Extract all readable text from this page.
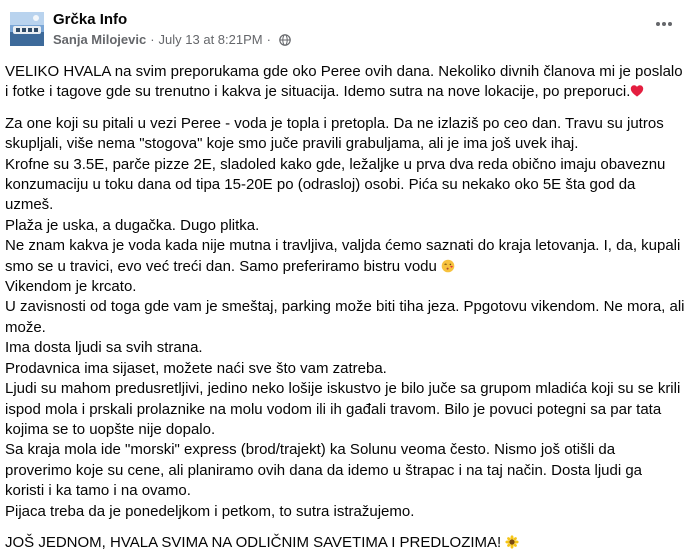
Grčka Info
Sanja Milojevic · July 13 at 8:21PM ·

VELIKO HVALA na svim preporukama gde oko Peree ovih dana. Nekoliko divnih članova mi je poslalo i fotke i tagove gde su trenutno i kakva je situacija. Idemo sutra na nove lokacije, po preporuci.

Za one koji su pitali u vezi Peree - voda je topla i pretopla. Da ne izlaziš po ceo dan. Travu su jutros skupljali, više nema "stogova" koje smo juče pravili grabuljama, ali je ima još uvek ihaj.

Krofne su 3.5E, parče pizze 2E, sladoled kako gde, ležaljke u prva dva reda obično imaju obaveznu konzumaciju u toku dana od tipa 15-20E po (odrasloj) osobi. Pića su nekako oko 5E šta god da uzmeš.

Plaža je uska, a dugačka. Dugo plitka.

Ne znam kakva je voda kada nije mutna i travljiva, valjda ćemo saznati do kraja letovanja. I, da, kupali smo se u travici, evo već treći dan. Samo preferiramo bistru vodu

Vikendom je krcato.

U zavisnosti od toga gde vam je smeštaj, parking može biti tiha jeza. Ppgotovu vikendom. Ne mora, ali može.

Ima dosta ljudi sa svih strana.

Prodavnica ima sijaset, možete naći sve što vam zatreba.

Ljudi su mahom predusretljivi, jedino neko lošije iskustvo je bilo juče sa grupom mladića koji su se krili ispod mola i prskali prolaznike na molu vodom ili ih gađali travom. Bilo je povuci potegni sa par tata kojima se to uopšte nije dopalo.

Sa kraja mola ide "morski" express (brod/trajekt) ka Solunu veoma često. Nismo još otišli da proverimo koje su cene, ali planiramo ovih dana da idemo u štrapac i na taj način. Dosta ljudi ga koristi i ka tamo i na ovamo.

Pijaca treba da je ponedeljkom i petkom, to sutra istražujemo.

JOŠ JEDNOM, HVALA SVIMA NA ODLIČNIM SAVETIMA I PREDLOZIMA!
